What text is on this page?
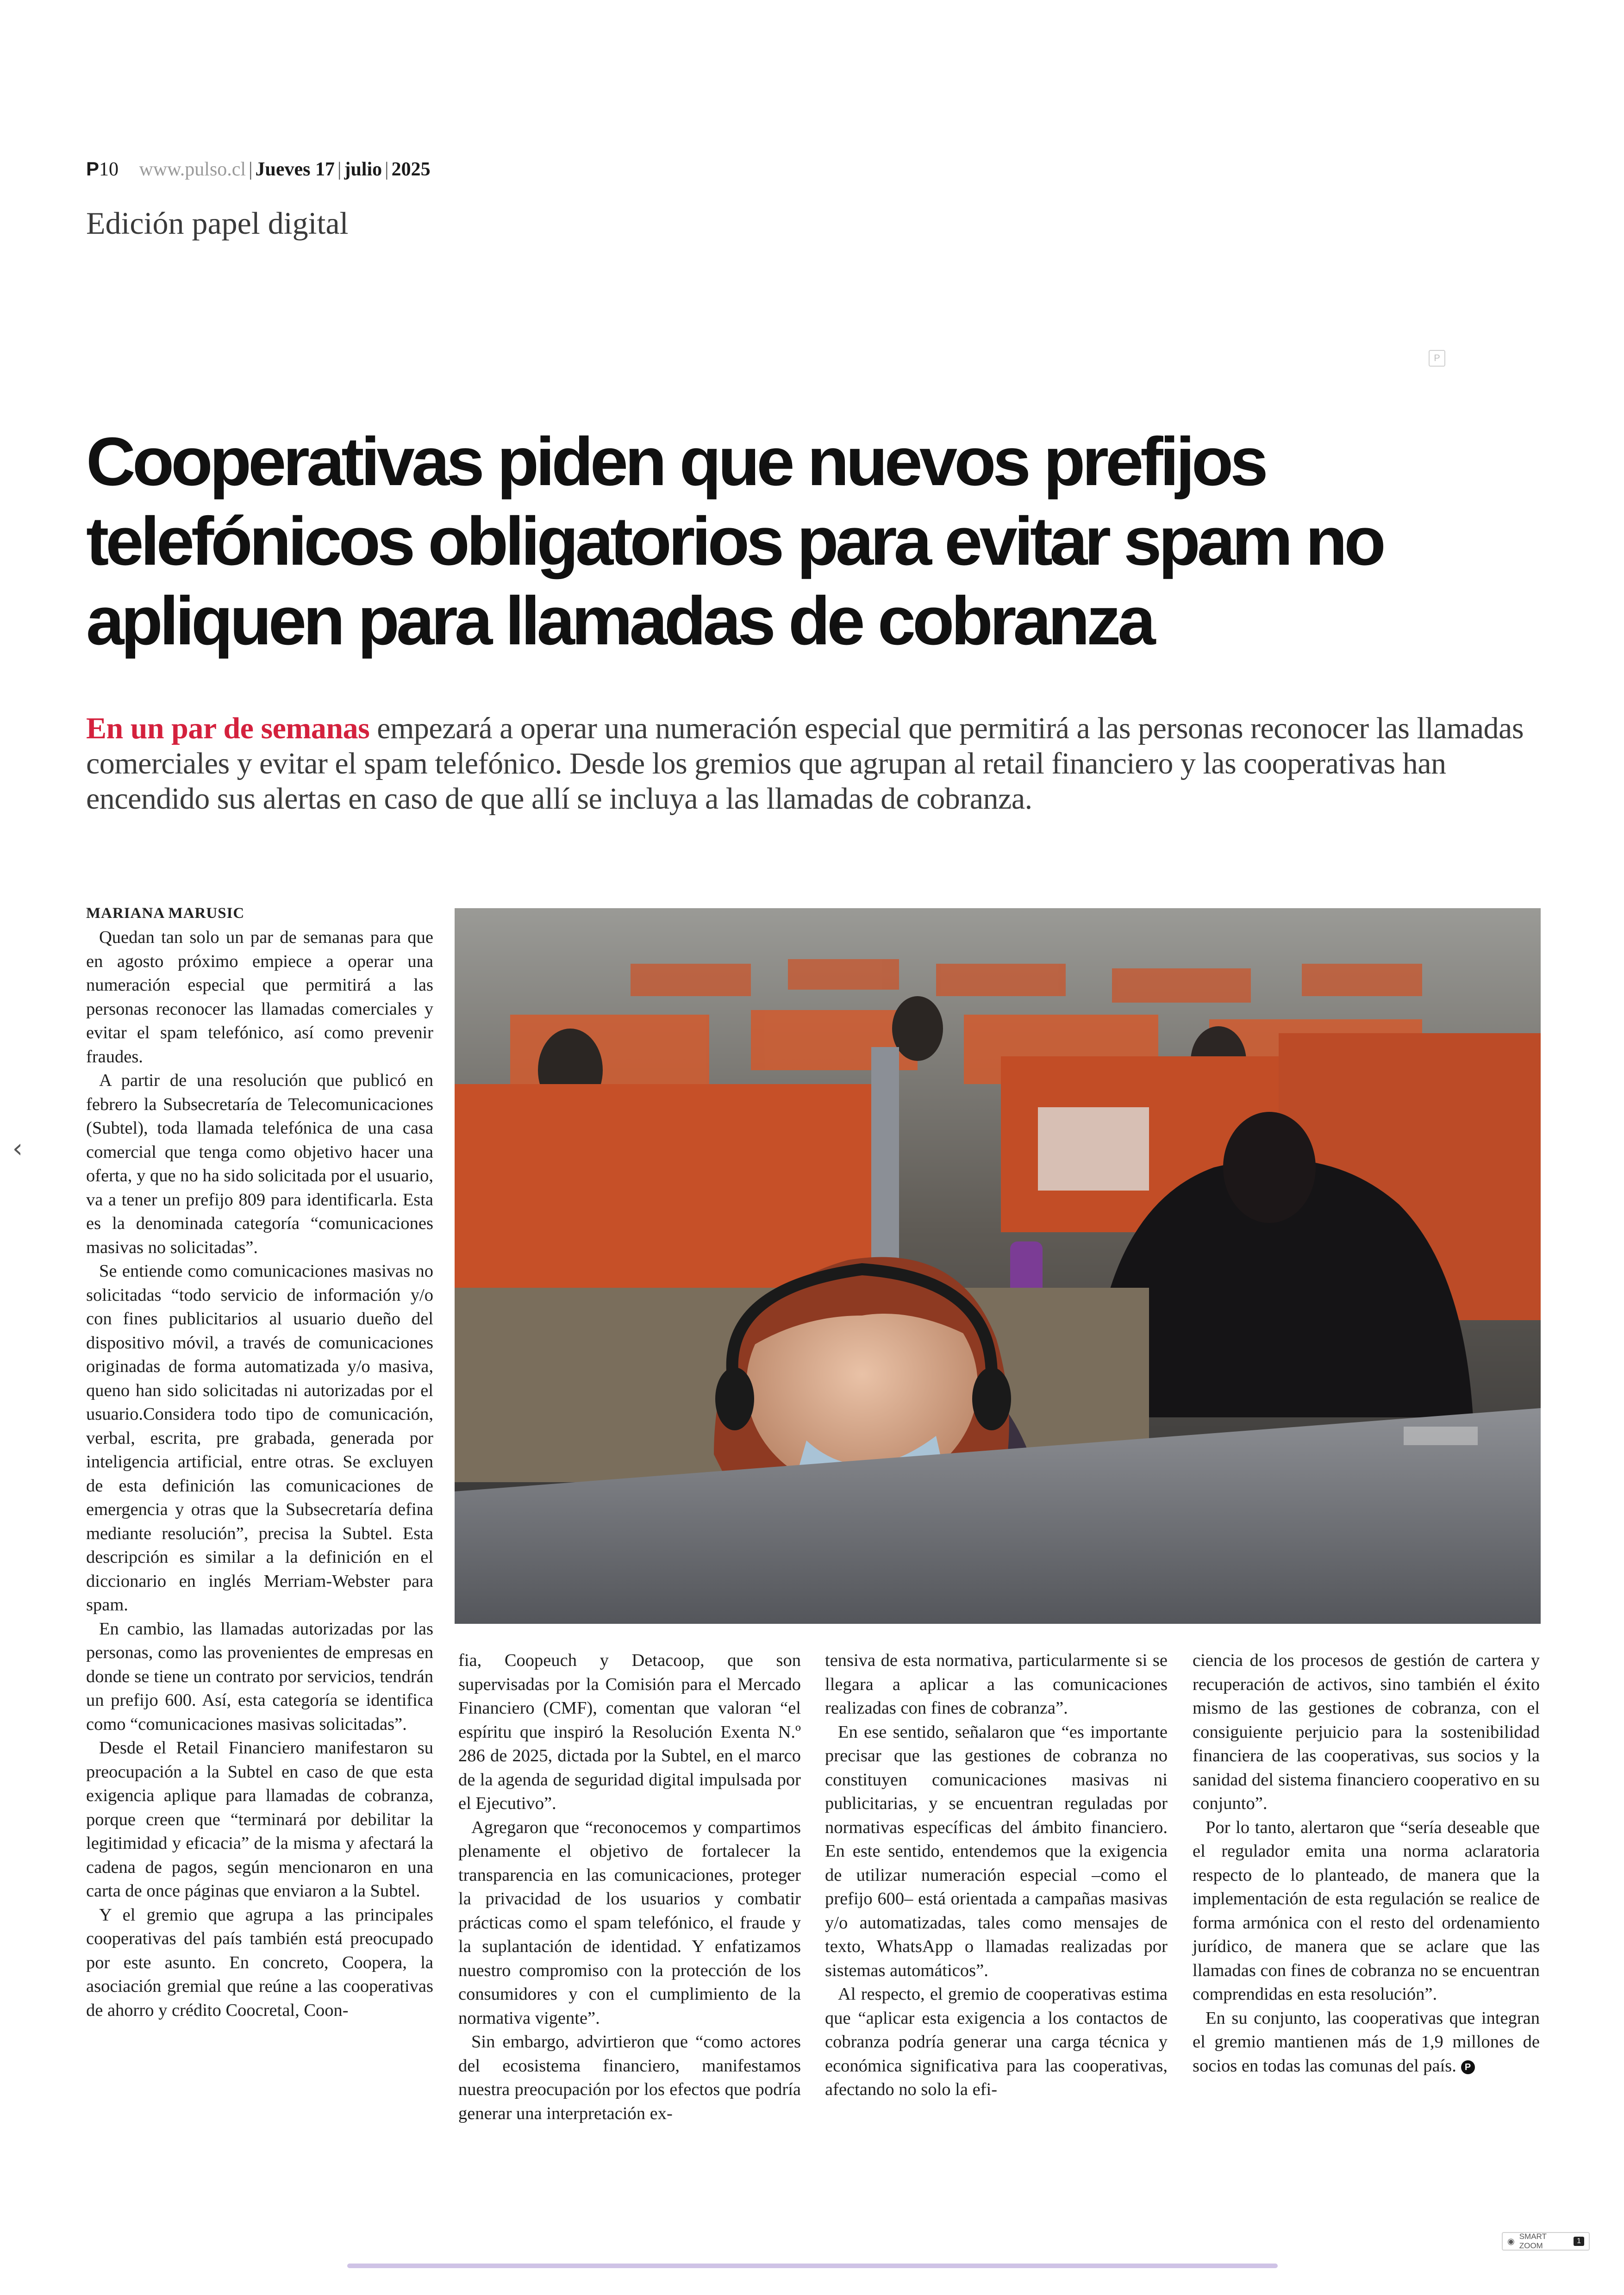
P10 www.pulso.cl | Jueves 17 | julio | 2025
Edición papel digital
P
Cooperativas piden que nuevos prefijos telefónicos obligatorios para evitar spam no apliquen para llamadas de cobranza

En un par de semanas empezará a operar una numeración especial que permitirá a las personas reconocer las llamadas comerciales y evitar el spam telefónico. Desde los gremios que agrupan al retail financiero y las cooperativas han encendido sus alertas en caso de que allí se incluya a las llamadas de cobranza.

MARIANA MARUSIC

Quedan tan solo un par de semanas para que en agosto próximo empiece a operar una numeración especial que permitirá a las personas reconocer las llamadas comerciales y evitar el spam telefónico, así como prevenir fraudes.

A partir de una resolución que publicó en febrero la Subsecretaría de Telecomunicaciones (Subtel), toda llamada telefónica de una casa comercial que tenga como objetivo hacer una oferta, y que no ha sido solicitada por el usuario, va a tener un prefijo 809 para identificarla. Esta es la denominada categoría “comunicaciones masivas no solicitadas”.

Se entiende como comunicaciones masivas no solicitadas “todo servicio de información y/o con fines publicitarios al usuario dueño del dispositivo móvil, a través de comunicaciones originadas de forma automatizada y/o masiva, queno han sido solicitadas ni autorizadas por el usuario.Considera todo tipo de comunicación, verbal, escrita, pre grabada, generada por inteligencia artificial, entre otras. Se excluyen de esta definición las comunicaciones de emergencia y otras que la Subsecretaría defina mediante resolución”, precisa la Subtel. Esta descripción es similar a la definición en el diccionario en inglés Merriam-Webster para spam.

En cambio, las llamadas autorizadas por las personas, como las provenientes de empresas en donde se tiene un contrato por servicios, tendrán un prefijo 600. Así, esta categoría se identifica como “comunicaciones masivas solicitadas”.

Desde el Retail Financiero manifestaron su preocupación a la Subtel en caso de que esta exigencia aplique para llamadas de cobranza, porque creen que “terminará por debilitar la legitimidad y eficacia” de la misma y afectará la cadena de pagos, según mencionaron en una carta de once páginas que enviaron a la Subtel.

Y el gremio que agrupa a las principales cooperativas del país también está preocupado por este asunto. En concreto, Coopera, la asociación gremial que reúne a las cooperativas de ahorro y crédito Coocretal, Coon-

fia, Coopeuch y Detacoop, que son supervisadas por la Comisión para el Mercado Financiero (CMF), comentan que valoran “el espíritu que inspiró la Resolución Exenta N.º 286 de 2025, dictada por la Subtel, en el marco de la agenda de seguridad digital impulsada por el Ejecutivo”.

Agregaron que “reconocemos y compartimos plenamente el objetivo de fortalecer la transparencia en las comunicaciones, proteger la privacidad de los usuarios y combatir prácticas como el spam telefónico, el fraude y la suplantación de identidad. Y enfatizamos nuestro compromiso con la protección de los consumidores y con el cumplimiento de la normativa vigente”.

Sin embargo, advirtieron que “como actores del ecosistema financiero, manifestamos nuestra preocupación por los efectos que podría generar una interpretación ex-

tensiva de esta normativa, particularmente si se llegara a aplicar a las comunicaciones realizadas con fines de cobranza”.

En ese sentido, señalaron que “es importante precisar que las gestiones de cobranza no constituyen comunicaciones masivas ni publicitarias, y se encuentran reguladas por normativas específicas del ámbito financiero. En este sentido, entendemos que la exigencia de utilizar numeración especial –como el prefijo 600– está orientada a campañas masivas y/o automatizadas, tales como mensajes de texto, WhatsApp o llamadas realizadas por sistemas automáticos”.

Al respecto, el gremio de cooperativas estima que “aplicar esta exigencia a los contactos de cobranza podría generar una carga técnica y económica significativa para las cooperativas, afectando no solo la efi-

ciencia de los procesos de gestión de cartera y recuperación de activos, sino también el éxito mismo de las gestiones de cobranza, con el consiguiente perjuicio para la sostenibilidad financiera de las cooperativas, sus socios y la sanidad del sistema financiero cooperativo en su conjunto”.

Por lo tanto, alertaron que “sería deseable que el regulador emita una norma aclaratoria respecto de lo planteado, de manera que la implementación de esta regulación se realice de forma armónica con el resto del ordenamiento jurídico, de manera que se aclare que las llamadas con fines de cobranza no se encuentran comprendidas en esta resolución”.

En su conjunto, las cooperativas que integran el gremio mantienen más de 1,9 millones de socios en todas las comunas del país. P

‹
◉ SMART ZOOM
1
